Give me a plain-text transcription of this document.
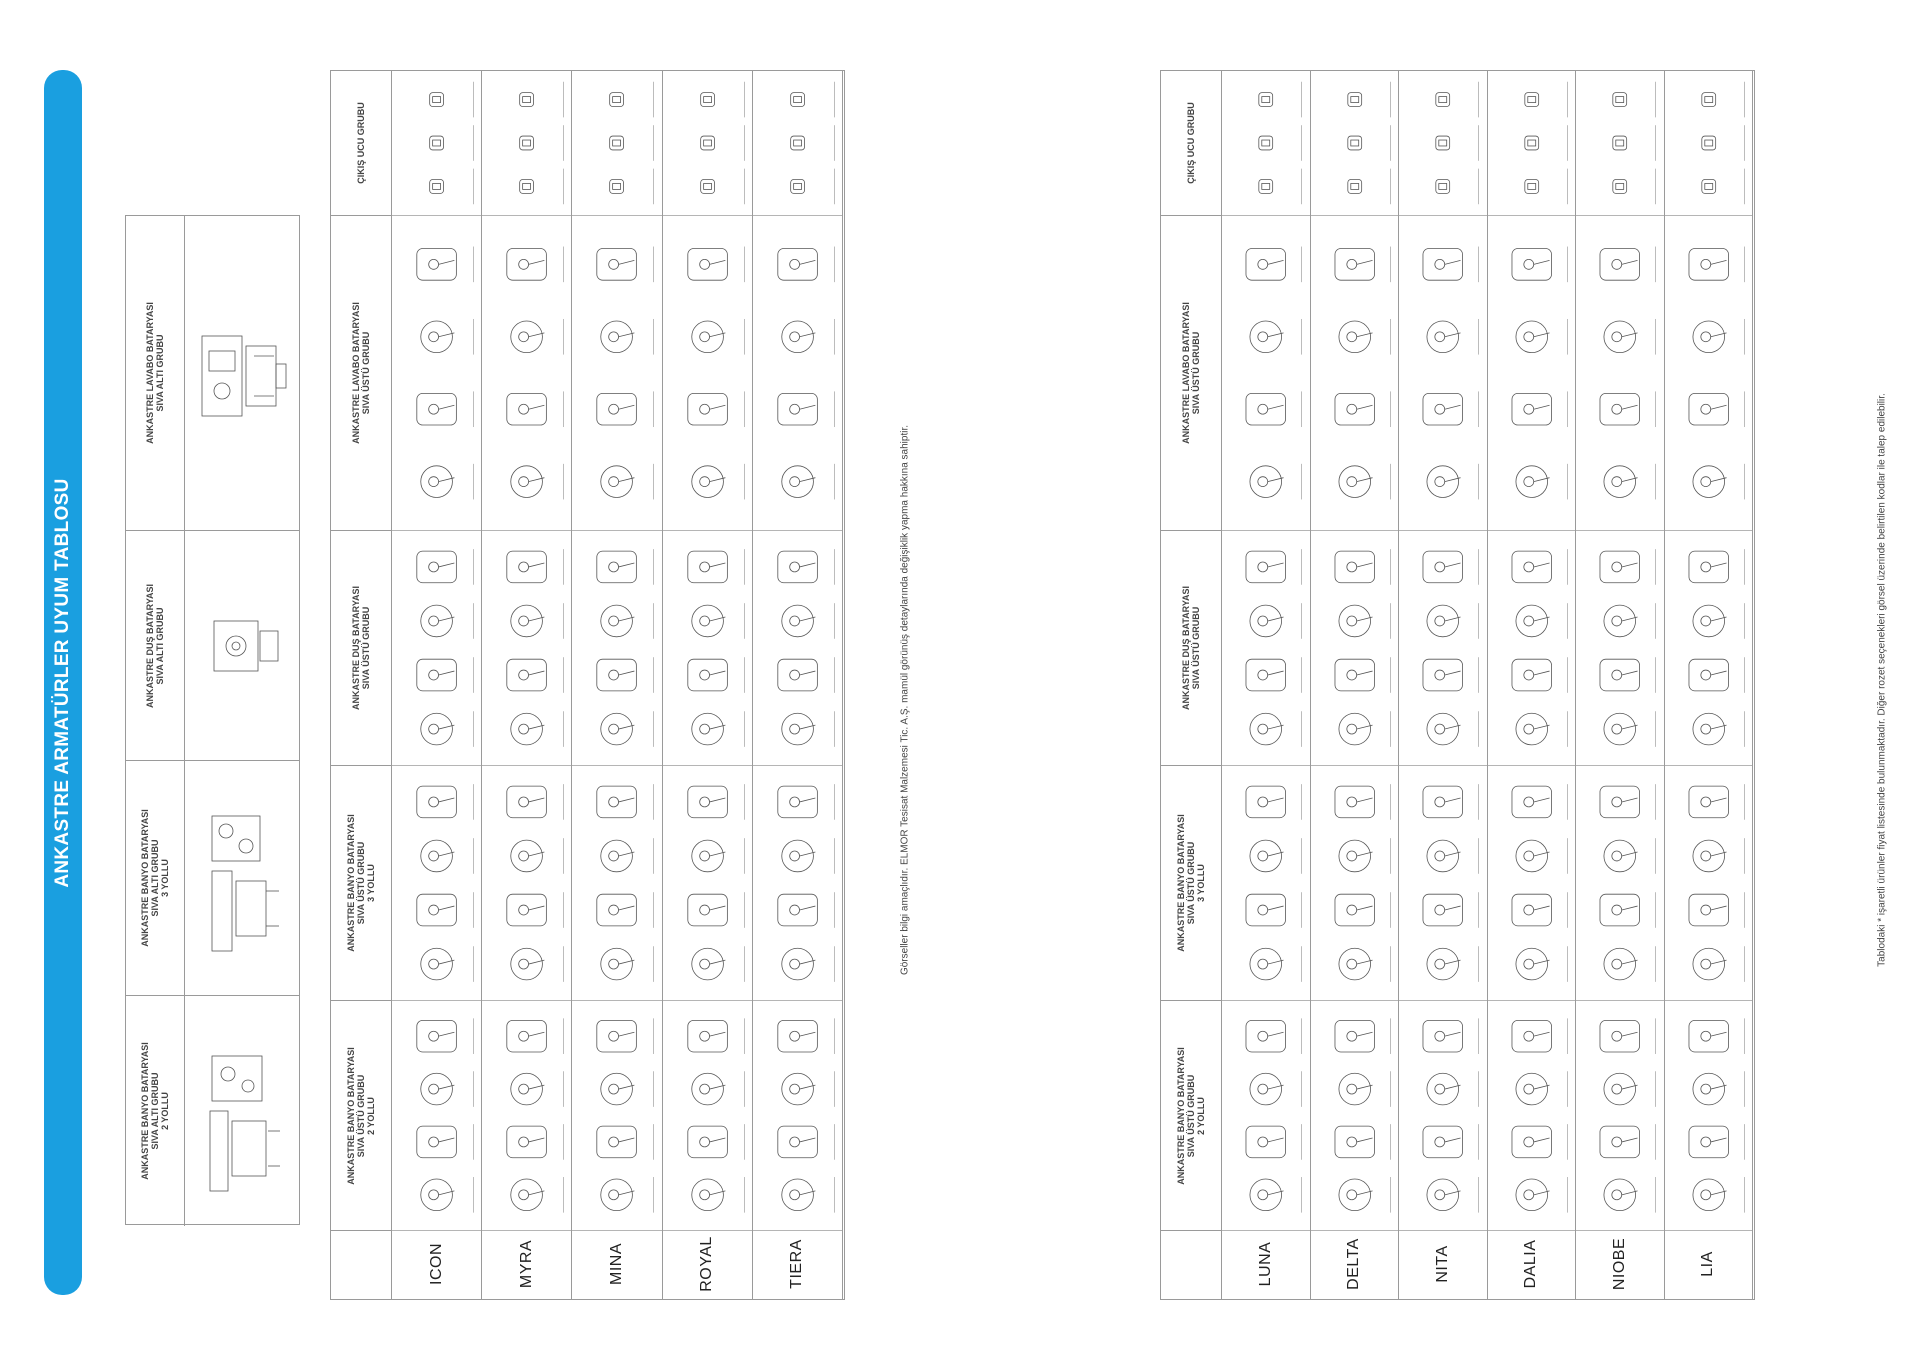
ANKASTRE ARMATÜRLER UYUM TABLOSU
ANKASTRE LAVABO BATARYASI
SIVA ALTI GRUBU
ANKASTRE DUŞ BATARYASI
SIVA ALTI GRUBU
ANKASTRE BANYO BATARYASI
SIVA ALTI GRUBU
3 YOLLU
ANKASTRE BANYO BATARYASI
SIVA ALTI GRUBU
2 YOLLU
ÇIKIŞ UCU GRUBU
ANKASTRE LAVABO BATARYASI
SIVA ÜSTÜ GRUBU
ANKASTRE DUŞ BATARYASI
SIVA ÜSTÜ GRUBU
ANKASTRE BANYO BATARYASI
SIVA ÜSTÜ GRUBU
3 YOLLU
ANKASTRE BANYO BATARYASI
SIVA ÜSTÜ GRUBU
2 YOLLU
ICON	MYRA	MINA	ROYAL	TIERA
Görseller bilgi amaçlıdır. ELMOR Tesisat Malzemesi Tic. A.Ş. mamül görünüş detaylarında değişiklik yapma hakkına sahiptir.
ÇIKIŞ UCU GRUBU
ANKASTRE LAVABO BATARYASI
SIVA ÜSTÜ GRUBU
ANKASTRE DUŞ BATARYASI
SIVA ÜSTÜ GRUBU
ANKASTRE BANYO BATARYASI
SIVA ÜSTÜ GRUBU
3 YOLLU
ANKASTRE BANYO BATARYASI
SIVA ÜSTÜ GRUBU
2 YOLLU
LUNA	DELTA	NITA	DALIA	NIOBE	LIA
Tablodaki * işaretli ürünler fiyat listesinde bulunmaktadır. Diğer rozet seçenekleri görsel üzerinde belirtilen kodlar ile talep edilebilir.
